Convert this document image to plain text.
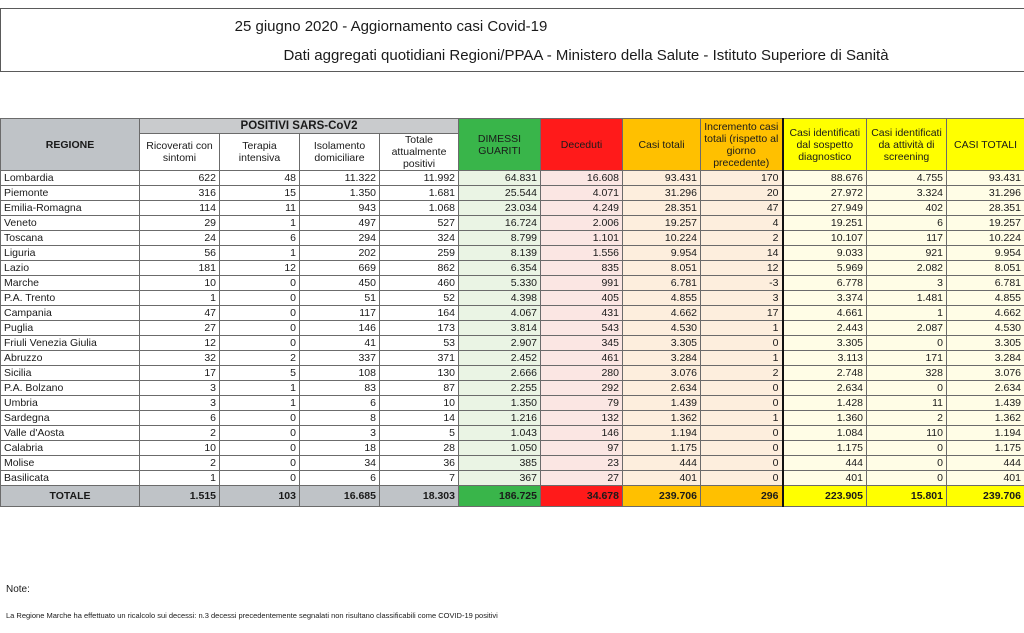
25 giugno 2020 - Aggiornamento casi Covid-19
Dati aggregati quotidiani Regioni/PPAA - Ministero della Salute - Istituto Superiore di Sanità
REGIONE	POSITIVI SARS-CoV2				DIMESSI GUARITI	Deceduti	Casi totali	Incremento casi totali (rispetto al giorno precedente)	Casi identificati dal sospetto diagnostico	Casi identificati da attività di screening	CASI TOTALI
	Ricoverati con sintomi	Terapia intensiva	Isolamento domiciliare	Totale attualmente positivi							
Lombardia	622	48	11.322	11.992	64.831	16.608	93.431	170	88.676	4.755	93.431
Piemonte	316	15	1.350	1.681	25.544	4.071	31.296	20	27.972	3.324	31.296
Emilia-Romagna	114	11	943	1.068	23.034	4.249	28.351	47	27.949	402	28.351
Veneto	29	1	497	527	16.724	2.006	19.257	4	19.251	6	19.257
Toscana	24	6	294	324	8.799	1.101	10.224	2	10.107	117	10.224
Liguria	56	1	202	259	8.139	1.556	9.954	14	9.033	921	9.954
Lazio	181	12	669	862	6.354	835	8.051	12	5.969	2.082	8.051
Marche	10	0	450	460	5.330	991	6.781	-3	6.778	3	6.781
P.A. Trento	1	0	51	52	4.398	405	4.855	3	3.374	1.481	4.855
Campania	47	0	117	164	4.067	431	4.662	17	4.661	1	4.662
Puglia	27	0	146	173	3.814	543	4.530	1	2.443	2.087	4.530
Friuli Venezia Giulia	12	0	41	53	2.907	345	3.305	0	3.305	0	3.305
Abruzzo	32	2	337	371	2.452	461	3.284	1	3.113	171	3.284
Sicilia	17	5	108	130	2.666	280	3.076	2	2.748	328	3.076
P.A. Bolzano	3	1	83	87	2.255	292	2.634	0	2.634	0	2.634
Umbria	3	1	6	10	1.350	79	1.439	0	1.428	11	1.439
Sardegna	6	0	8	14	1.216	132	1.362	1	1.360	2	1.362
Valle d'Aosta	2	0	3	5	1.043	146	1.194	0	1.084	110	1.194
Calabria	10	0	18	28	1.050	97	1.175	0	1.175	0	1.175
Molise	2	0	34	36	385	23	444	0	444	0	444
Basilicata	1	0	6	7	367	27	401	0	401	0	401
TOTALE	1.515	103	16.685	18.303	186.725	34.678	239.706	296	223.905	15.801	239.706
Note:
La Regione Marche ha effettuato un ricalcolo sui decessi: n.3 decessi precedentemente segnalati non risultano classificabili come COVID-19 positivi
